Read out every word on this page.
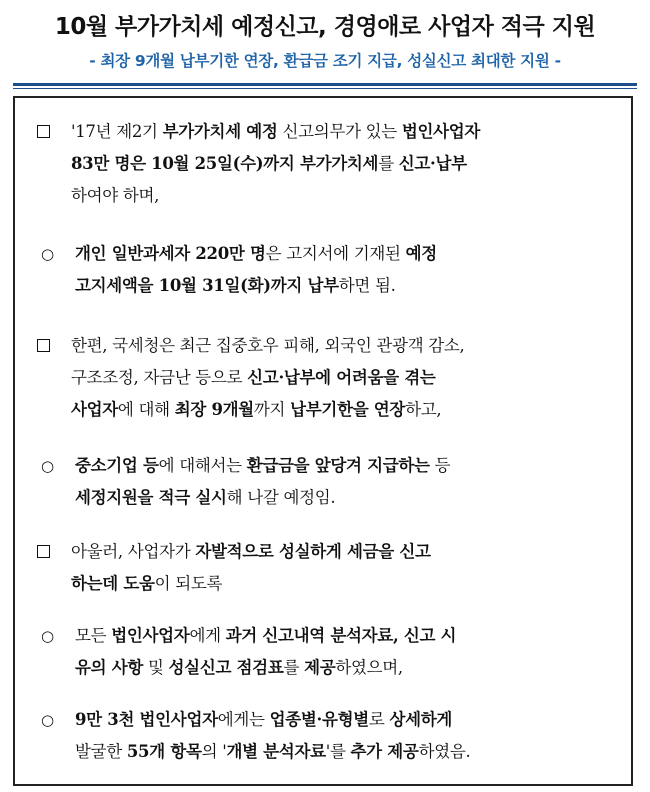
10월 부가가치세 예정신고, 경영애로 사업자 적극 지원
- 최장 9개월 납부기한 연장, 환급금 조기 지급, 성실신고 최대한 지원 -
'17년 제2기 부가가치세 예정 신고의무가 있는 법인사업자
83만 명은 10월 25일(수)까지 부가가치세를 신고·납부
하여야 하며,
○	개인 일반과세자 220만 명은 고지서에 기재된 예정
고지세액을 10월 31일(화)까지 납부하면 됨.
한편, 국세청은 최근 집중호우 피해, 외국인 관광객 감소,
구조조정, 자금난 등으로 신고·납부에 어려움을 겪는
사업자에 대해 최장 9개월까지 납부기한을 연장하고,
○	중소기업 등에 대해서는 환급금을 앞당겨 지급하는 등
세정지원을 적극 실시해 나갈 예정임.
아울러, 사업자가 자발적으로 성실하게 세금을 신고
하는데 도움이 되도록
○	모든 법인사업자에게 과거 신고내역 분석자료, 신고 시
유의 사항 및 성실신고 점검표를 제공하였으며,
○	9만 3천 법인사업자에게는 업종별·유형별로 상세하게
발굴한 55개 항목의 '개별 분석자료'를 추가 제공하였음.
